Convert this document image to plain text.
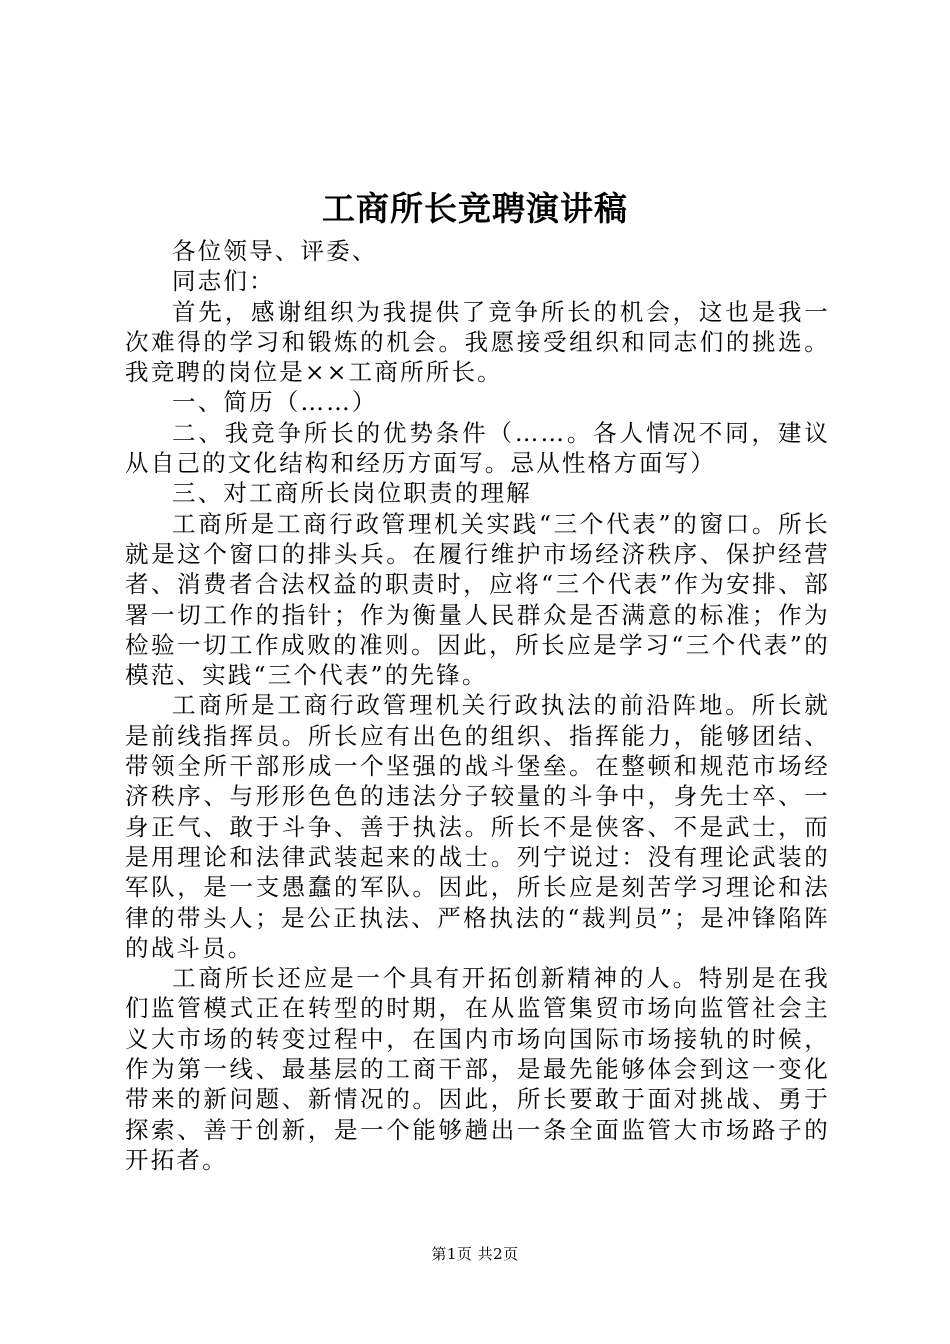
工商所长竞聘演讲稿

各位领导、评委、

同志们：

首先，感谢组织为我提供了竞争所长的机会，这也是我一次难得的学习和锻炼的机会。我愿接受组织和同志们的挑选。我竞聘的岗位是××工商所所长。

一、简历（……）

二、我竞争所长的优势条件（……。各人情况不同，建议从自己的文化结构和经历方面写。忌从性格方面写）

三、对工商所长岗位职责的理解

工商所是工商行政管理机关实践“三个代表”的窗口。所长就是这个窗口的排头兵。在履行维护市场经济秩序、保护经营者、消费者合法权益的职责时，应将“三个代表”作为安排、部署一切工作的指针；作为衡量人民群众是否满意的标准；作为检验一切工作成败的准则。因此，所长应是学习“三个代表”的模范、实践“三个代表”的先锋。

工商所是工商行政管理机关行政执法的前沿阵地。所长就是前线指挥员。所长应有出色的组织、指挥能力，能够团结、带领全所干部形成一个坚强的战斗堡垒。在整顿和规范市场经济秩序、与形形色色的违法分子较量的斗争中，身先士卒、一身正气、敢于斗争、善于执法。所长不是侠客、不是武士，而是用理论和法律武装起来的战士。列宁说过：没有理论武装的军队，是一支愚蠢的军队。因此，所长应是刻苦学习理论和法律的带头人；是公正执法、严格执法的“裁判员”；是冲锋陷阵的战斗员。

工商所长还应是一个具有开拓创新精神的人。特别是在我们监管模式正在转型的时期，在从监管集贸市场向监管社会主义大市场的转变过程中，在国内市场向国际市场接轨的时候，作为第一线、最基层的工商干部，是最先能够体会到这一变化带来的新问题、新情况的。因此，所长要敢于面对挑战、勇于探索、善于创新，是一个能够趟出一条全面监管大市场路子的开拓者。

第1页 共2页
